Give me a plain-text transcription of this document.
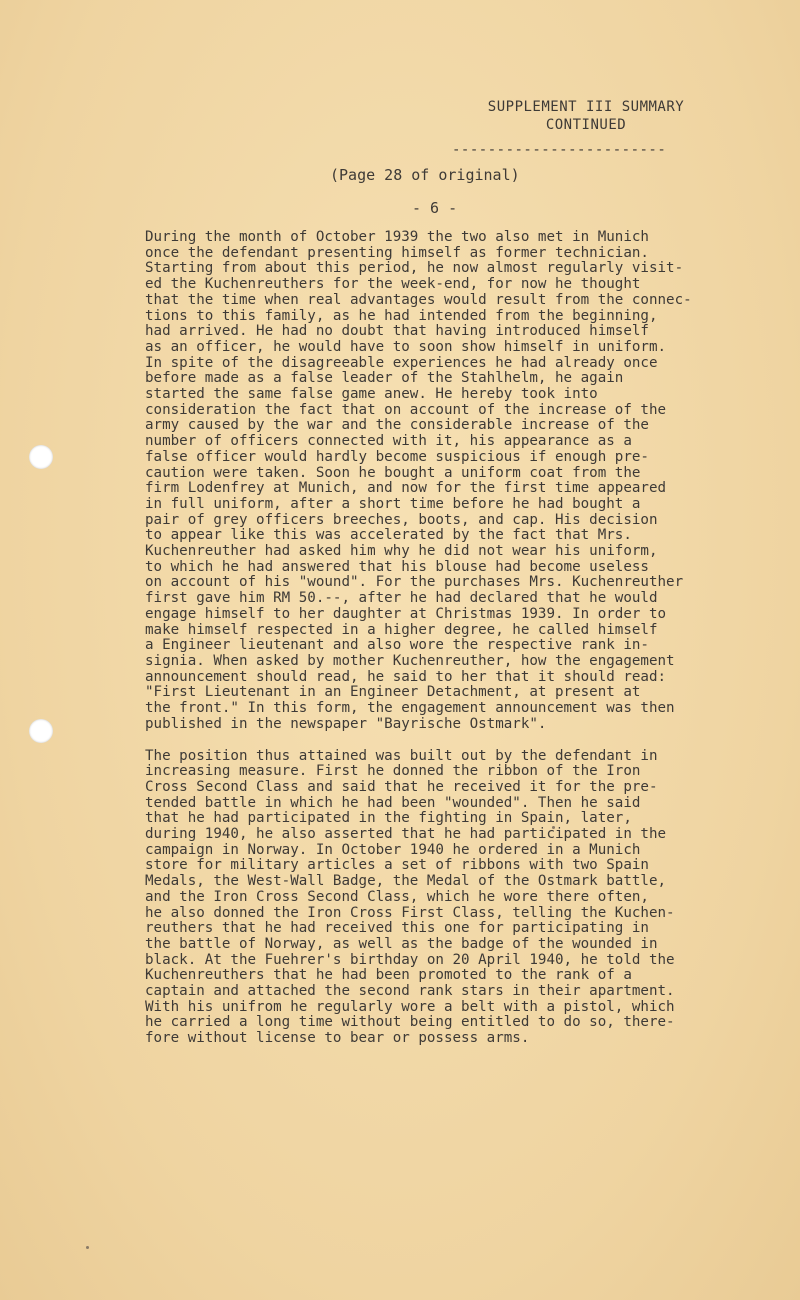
SUPPLEMENT III SUMMARY
CONTINUED
------------------------
(Page 28 of original)
- 6 -

During the month of October 1939 the two also met in Munich
once the defendant presenting himself as former technician.
Starting from about this period, he now almost regularly visit-
ed the Kuchenreuthers for the week-end, for now he thought
that the time when real advantages would result from the connec-
tions to this family, as he had intended from the beginning,
had arrived. He had no doubt that having introduced himself
as an officer, he would have to soon show himself in uniform.
In spite of the disagreeable experiences he had already once
before made as a false leader of the Stahlhelm, he again
started the same false game anew. He hereby took into
consideration the fact that on account of the increase of the
army caused by the war and the considerable increase of the
number of officers connected with it, his appearance as a
false officer would hardly become suspicious if enough pre-
caution were taken. Soon he bought a uniform coat from the
firm Lodenfrey at Munich, and now for the first time appeared
in full uniform, after a short time before he had bought a
pair of grey officers breeches, boots, and cap. His decision
to appear like this was accelerated by the fact that Mrs.
Kuchenreuther had asked him why he did not wear his uniform,
to which he had answered that his blouse had become useless
on account of his "wound". For the purchases Mrs. Kuchenreuther
first gave him RM 50.--, after he had declared that he would
engage himself to her daughter at Christmas 1939. In order to
make himself respected in a higher degree, he called himself
a Engineer lieutenant and also wore the respective rank in-
signia. When asked by mother Kuchenreuther, how the engagement
announcement should read, he said to her that it should read:
"First Lieutenant in an Engineer Detachment, at present at
the front." In this form, the engagement announcement was then
published in the newspaper "Bayrische Ostmark".

The position thus attained was built out by the defendant in
increasing measure. First he donned the ribbon of the Iron
Cross Second Class and said that he received it for the pre-
tended battle in which he had been "wounded". Then he said
that he had participated in the fighting in Spain, later,
during 1940, he also asserted that he had participated in the
campaign in Norway. In October 1940 he ordered in a Munich
store for military articles a set of ribbons with two Spain
Medals, the West-Wall Badge, the Medal of the Ostmark battle,
and the Iron Cross Second Class, which he wore there often,
he also donned the Iron Cross First Class, telling the Kuchen-
reuthers that he had received this one for participating in
the battle of Norway, as well as the badge of the wounded in
black. At the Fuehrer's birthday on 20 April 1940, he told the
Kuchenreuthers that he had been promoted to the rank of a
captain and attached the second rank stars in their apartment.
With his unifrom he regularly wore a belt with a pistol, which
he carried a long time without being entitled to do so, there-
fore without license to bear or possess arms.
